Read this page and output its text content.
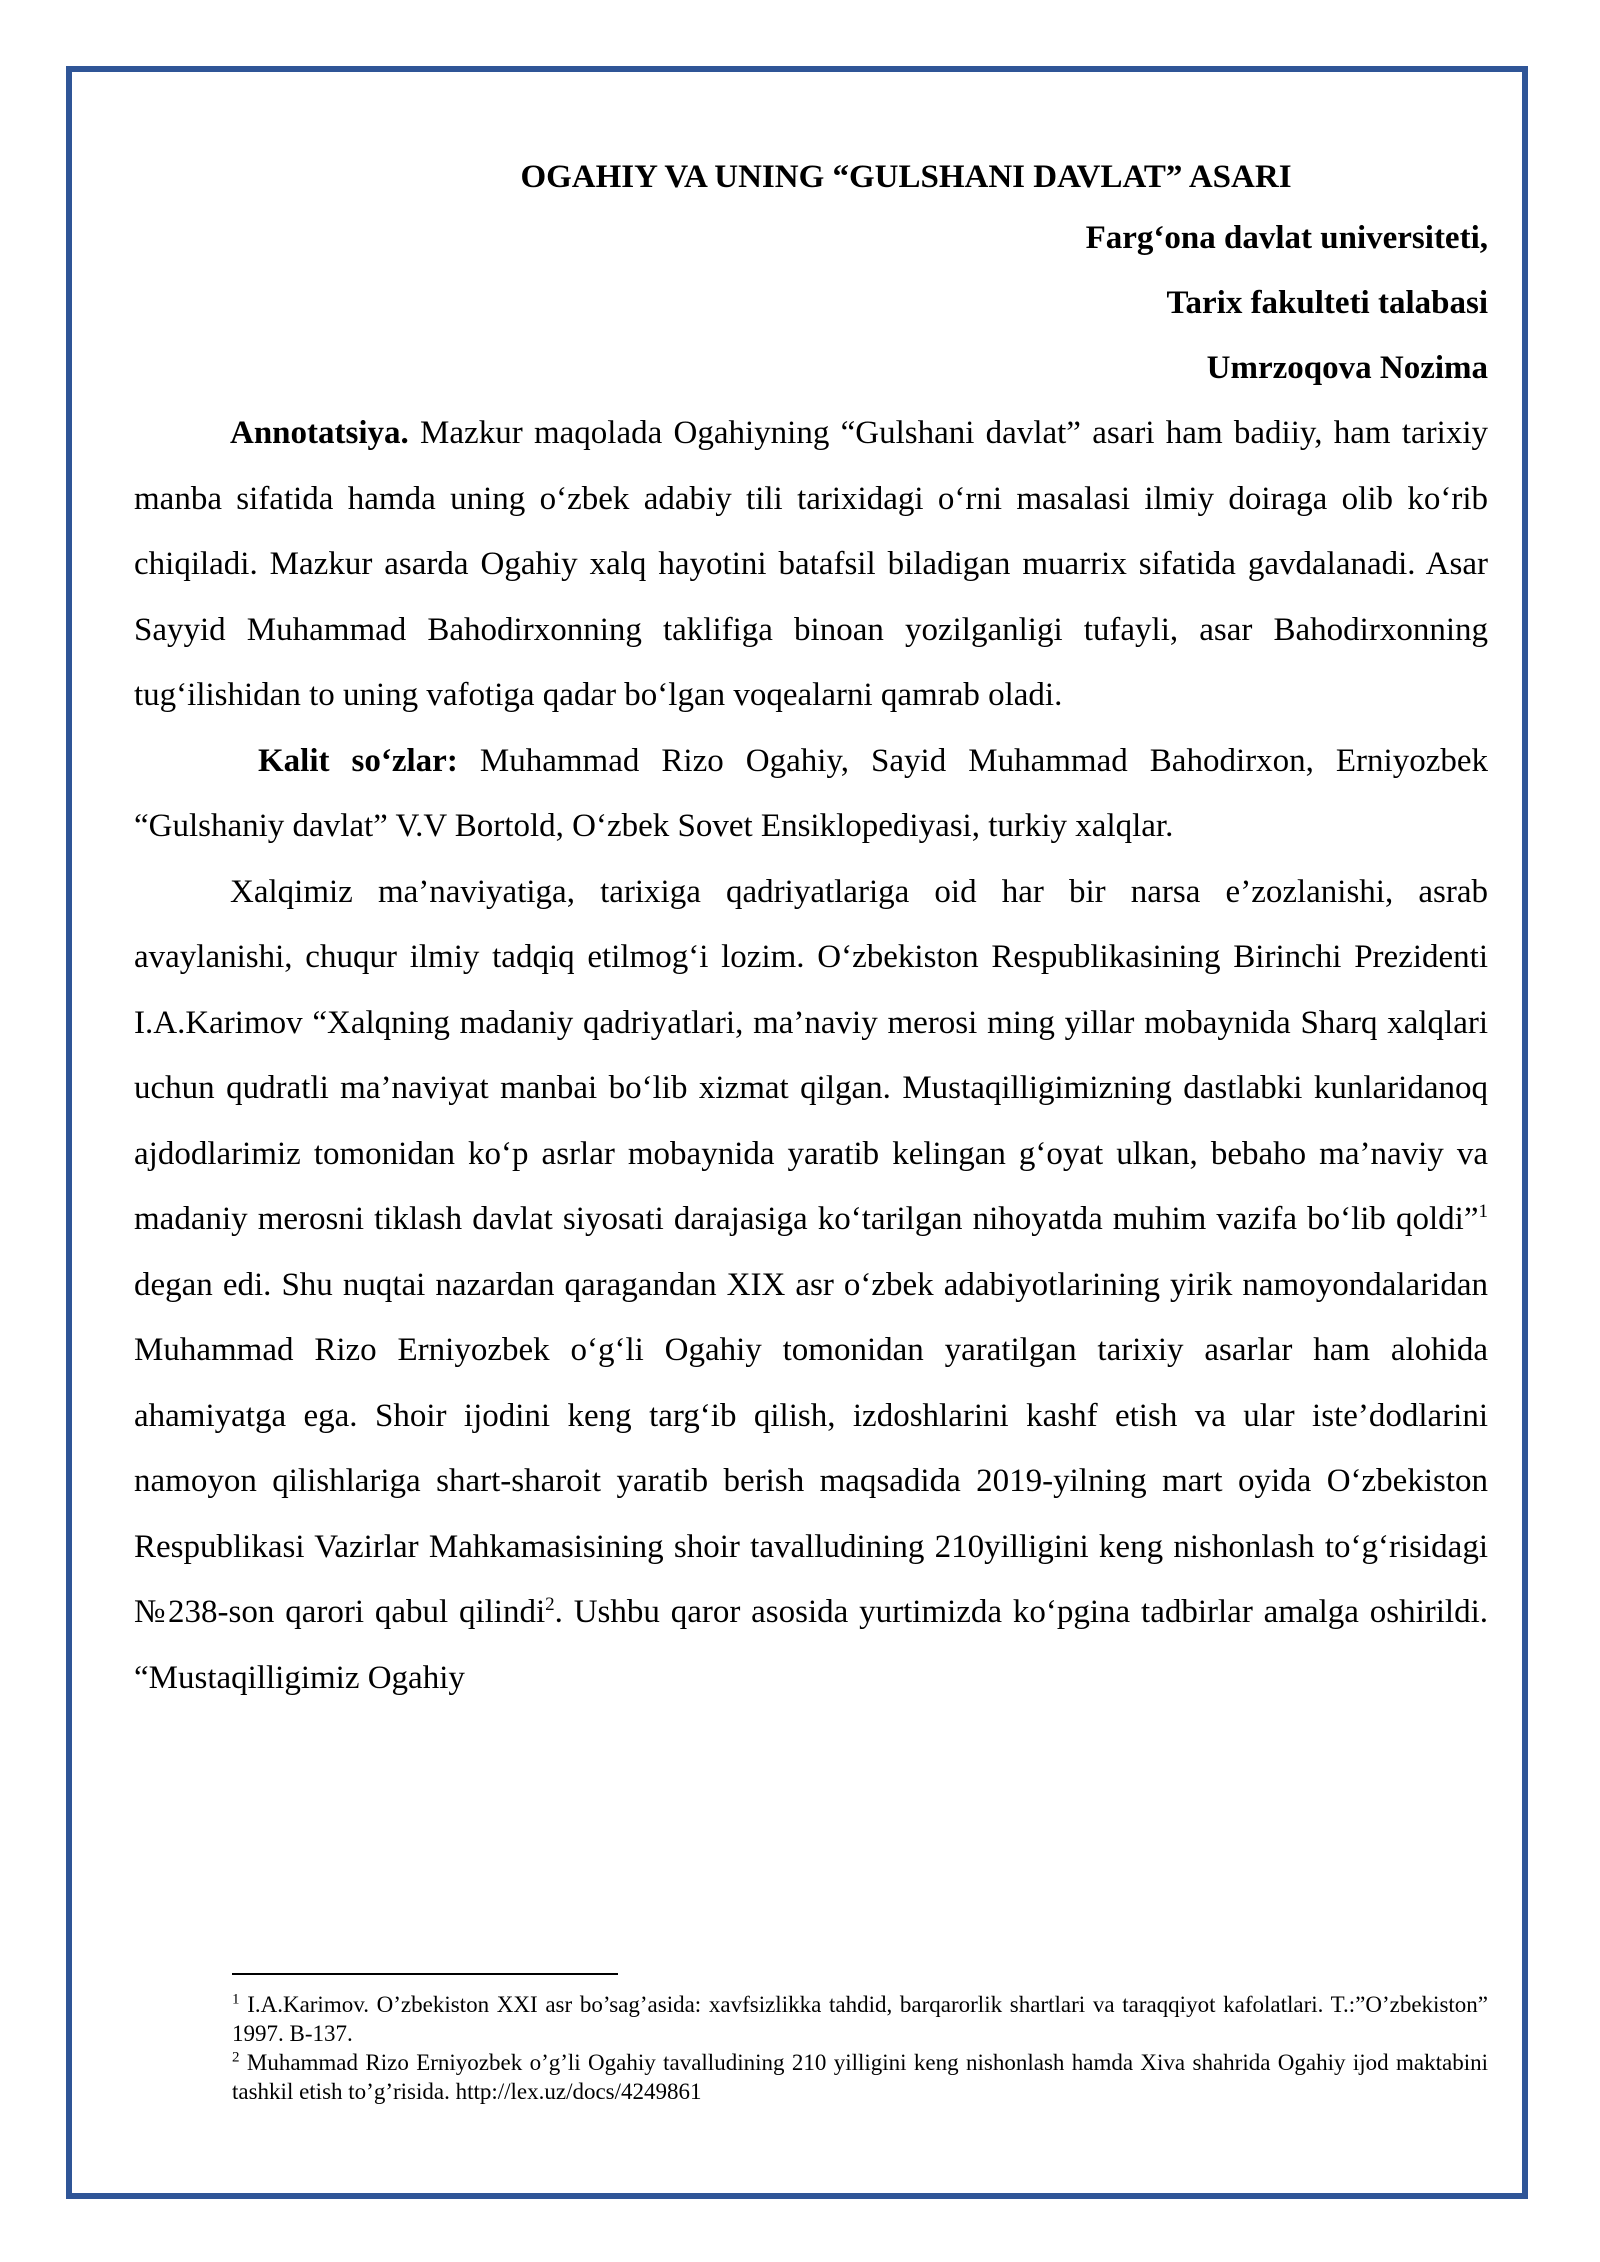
OGAHIY VA UNING “GULSHANI DAVLAT” ASARI

Farg‘ona davlat universiteti,

Tarix fakulteti talabasi

Umrzoqova Nozima

Annotatsiya. Mazkur maqolada Ogahiyning “Gulshani davlat” asari ham badiiy, ham tarixiy manba sifatida hamda uning o‘zbek adabiy tili tarixidagi o‘rni masalasi ilmiy doiraga olib ko‘rib chiqiladi. Mazkur asarda Ogahiy xalq hayotini batafsil biladigan muarrix sifatida gavdalanadi. Asar Sayyid Muhammad Bahodirxonning taklifiga binoan yozilganligi tufayli, asar Bahodirxonning tug‘ilishidan to uning vafotiga qadar bo‘lgan voqealarni qamrab oladi.

Kalit so‘zlar: Muhammad Rizo Ogahiy, Sayid Muhammad Bahodirxon, Erniyozbek “Gulshaniy davlat” V.V Bortold, O‘zbek Sovet Ensiklopediyasi, turkiy xalqlar.

Xalqimiz ma’naviyatiga, tarixiga qadriyatlariga oid har bir narsa e’zozlanishi, asrab avaylanishi, chuqur ilmiy tadqiq etilmog‘i lozim. O‘zbekiston Respublikasining Birinchi Prezidenti I.A.Karimov “Xalqning madaniy qadriyatlari, ma’naviy merosi ming yillar mobaynida Sharq xalqlari uchun qudratli ma’naviyat manbai bo‘lib xizmat qilgan. Mustaqilligimizning dastlabki kunlaridanoq ajdodlarimiz tomonidan ko‘p asrlar mobaynida yaratib kelingan g‘oyat ulkan, bebaho ma’naviy va madaniy merosni tiklash davlat siyosati darajasiga ko‘tarilgan nihoyatda muhim vazifa bo‘lib qoldi”$^1$ degan edi. Shu nuqtai nazardan qaragandan XIX asr o‘zbek adabiyotlarining yirik namoyondalaridan Muhammad Rizo Erniyozbek o‘g‘li Ogahiy tomonidan yaratilgan tarixiy asarlar ham alohida ahamiyatga ega. Shoir ijodini keng targ‘ib qilish, izdoshlarini kashf etish va ular iste’dodlarini namoyon qilishlariga shart-sharoit yaratib berish maqsadida 2019-yilning mart oyida O‘zbekiston Respublikasi Vazirlar Mahkamasisining shoir tavalludining 210yilligini keng nishonlash to‘g‘risidagi №238-son qarori qabul qilindi$^2$. Ushbu qaror asosida yurtimizda ko‘pgina tadbirlar amalga oshirildi. “Mustaqilligimiz Ogahiy

$^1$ I.A.Karimov. O’zbekiston XXI asr bo’sag’asida: xavfsizlikka tahdid, barqarorlik shartlari va taraqqiyot kafolatlari. T.:”O’zbekiston” 1997. B-137.

$^2$ Muhammad Rizo Erniyozbek o’g’li Ogahiy tavalludining 210 yilligini keng nishonlash hamda Xiva shahrida Ogahiy ijod maktabini tashkil etish to’g’risida. http://lex.uz/docs/4249861
